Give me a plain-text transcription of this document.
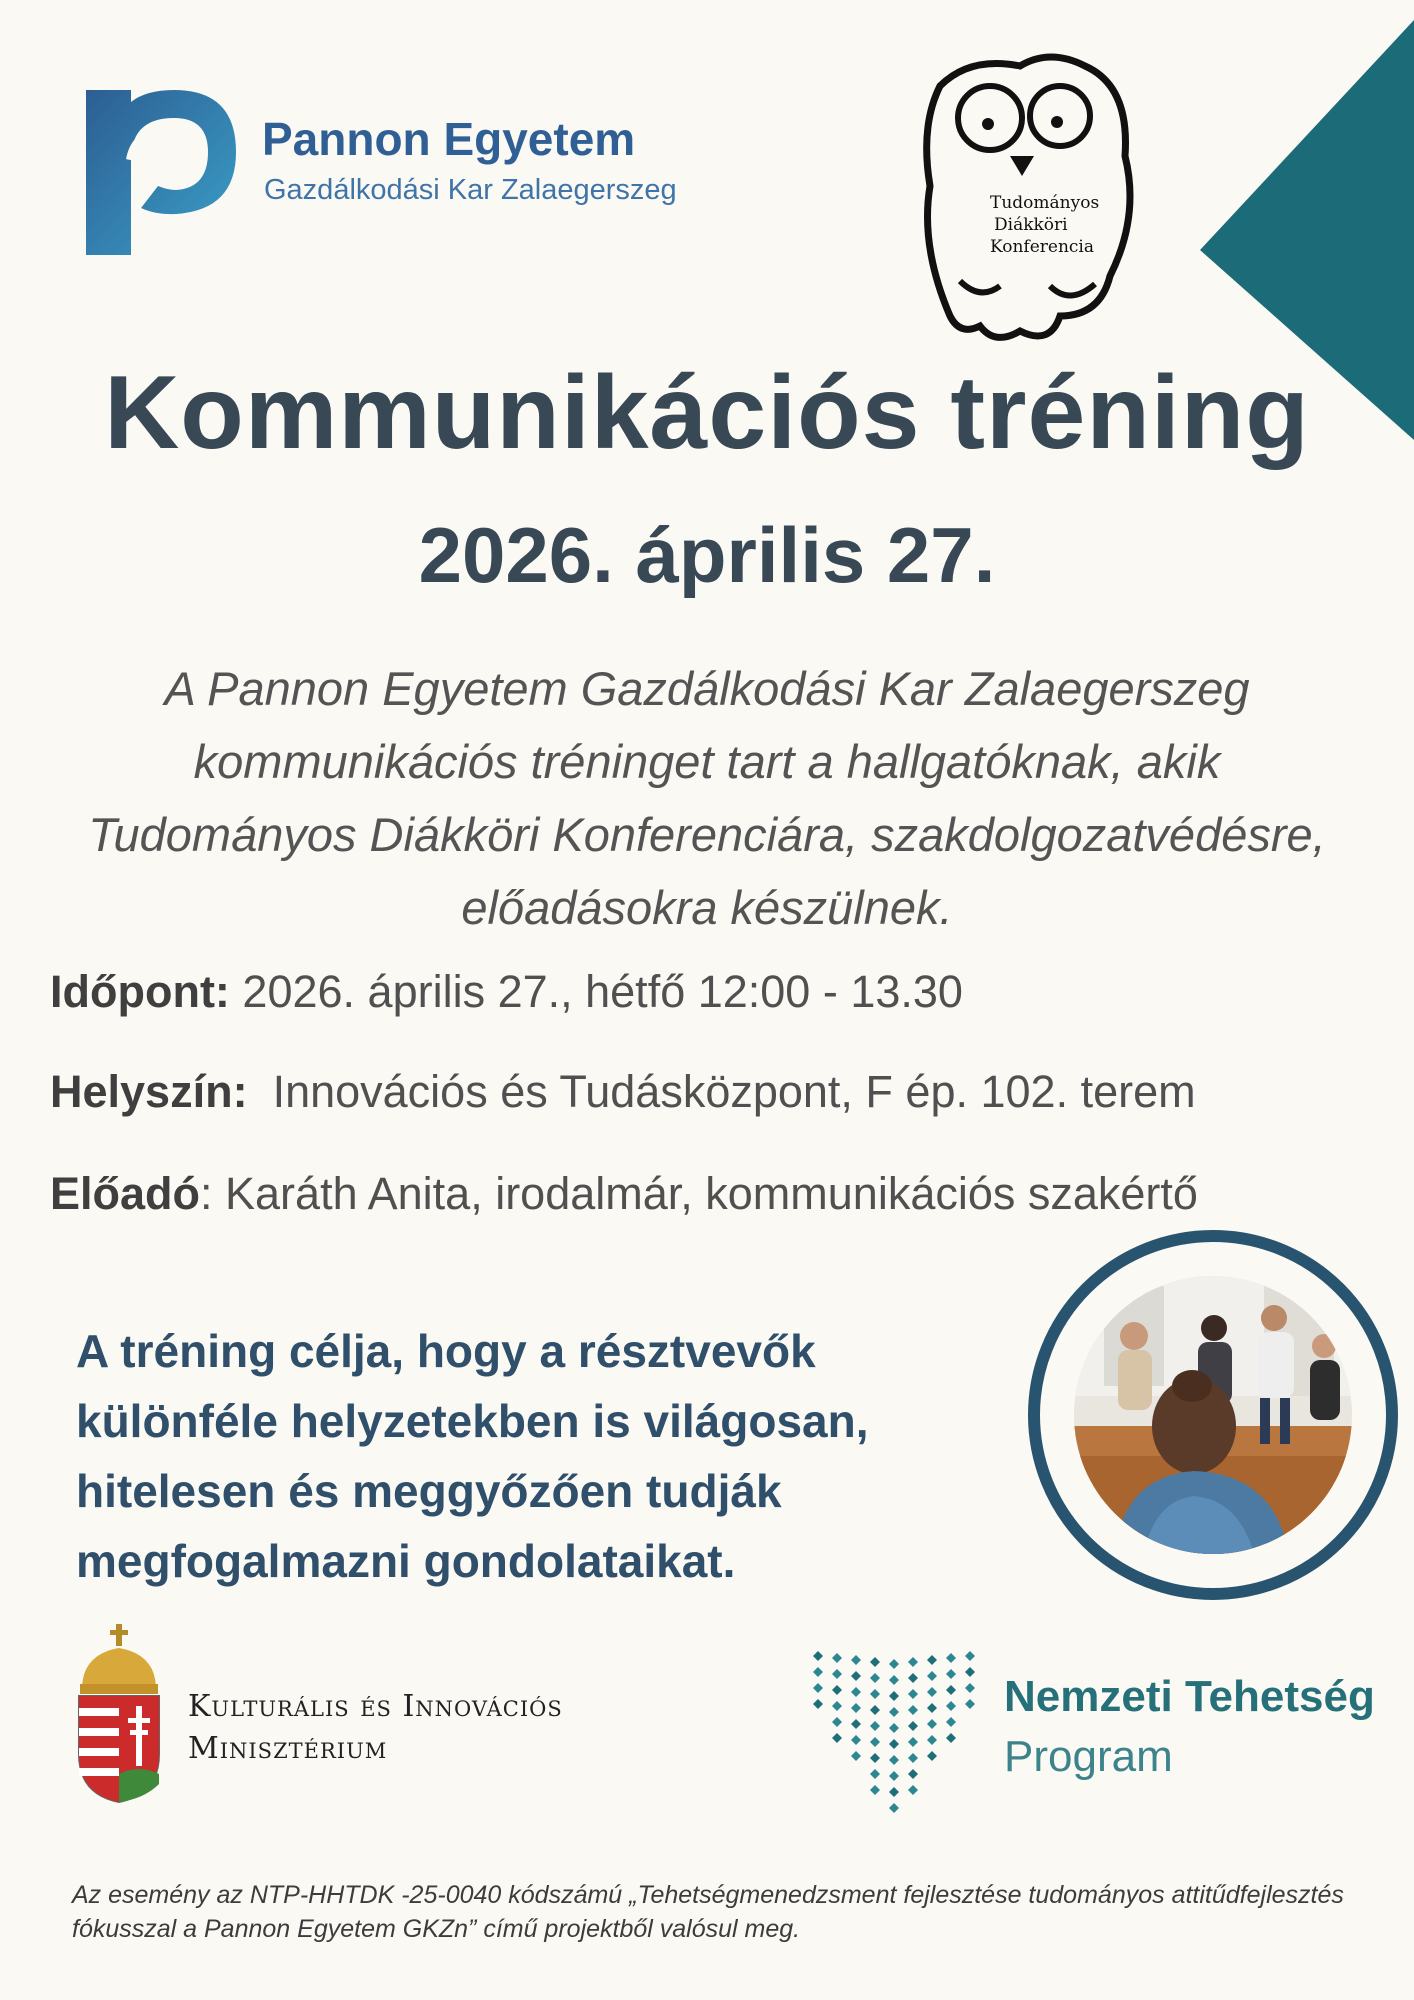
Pannon Egyetem
Gazdálkodási Kar Zalaegerszeg	Tudományos
Diákköri
Konferencia
Kommunikációs tréning
2026. április 27.
A Pannon Egyetem Gazdálkodási Kar Zalaegerszeg kommunikációs tréninget tart a hallgatóknak, akik Tudományos Diákköri Konferenciára, szakdolgozatvédésre, előadásokra készülnek.
Időpont: 2026. április 27., hétfő 12:00 - 13.30
Helyszín:  Innovációs és Tudásközpont, F ép. 102. terem
Előadó: Karáth Anita, irodalmár, kommunikációs szakértő
A tréning célja, hogy a résztvevők
különféle helyzetekben is világosan,
hitelesen és meggyőzően tudják
megfogalmazni gondolataikat.
Kulturális és Innovációs
Minisztérium
Nemzeti Tehetség
Program
Az esemény az NTP-HHTDK -25-0040 kódszámú „Tehetségmenedzsment fejlesztése tudományos attitűdfejlesztés fókusszal a Pannon Egyetem GKZn” című projektből valósul meg.
